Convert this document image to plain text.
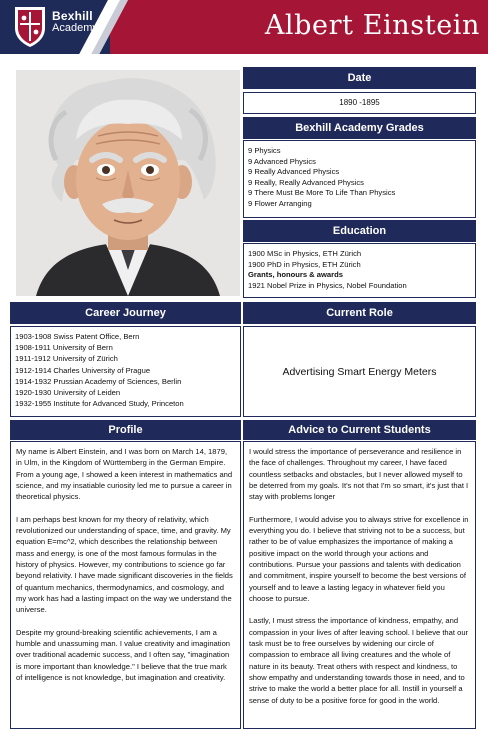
Bexhill
Academy	Albert Einstein
Date
1890 -1895
Bexhill Academy Grades
9 Physics
9 Advanced Physics
9 Really Advanced Physics
9 Really, Really Advanced Physics
9 There Must Be More To Life Than Physics
9 Flower Arranging
Education
1900 MSc in Physics, ETH Zürich
1900 PhD in Physics, ETH Zürich
Grants, honours & awards
1921 Nobel Prize in Physics, Nobel Foundation
Career Journey
1903-1908 Swiss Patent Office, Bern
1908-1911 University of Bern
1911-1912 University of Zürich
1912-1914 Charles University of Prague
1914-1932 Prussian Academy of Sciences, Berlin
1920-1930 University of Leiden
1932-1955 Institute for Advanced Study, Princeton
Current Role
Advertising Smart Energy Meters
Profile

My name is Albert Einstein, and I was born on March 14, 1879, in Ulm, in the Kingdom of Württemberg in the German Empire. From a young age, I showed a keen interest in mathematics and science, and my insatiable curiosity led me to pursue a career in theoretical physics.

I am perhaps best known for my theory of relativity, which revolutionized our understanding of space, time, and gravity. My equation E=mc^2, which describes the relationship between mass and energy, is one of the most famous formulas in the history of physics. However, my contributions to science go far beyond relativity. I have made significant discoveries in the fields of quantum mechanics, thermodynamics, and cosmology, and my work has had a lasting impact on the way we understand the universe.

Despite my ground-breaking scientific achievements, I am a humble and unassuming man. I value creativity and imagination over traditional academic success, and I often say, "imagination is more important than knowledge." I believe that the true mark of intelligence is not knowledge, but imagination and creativity.

Advice to Current Students

I would stress the importance of perseverance and resilience in the face of challenges. Throughout my career, I have faced countless setbacks and obstacles, but I never allowed myself to be deterred from my goals. It's not that I'm so smart, it's just that I stay with problems longer

Furthermore, I would advise you to always strive for excellence in everything you do. I believe that striving not to be a success, but rather to be of value emphasizes the importance of making a positive impact on the world through your actions and contributions. Pursue your passions and talents with dedication and commitment, inspire yourself to become the best versions of yourself and to leave a lasting legacy in whatever field you choose to pursue.

Lastly, I must stress the importance of kindness, empathy, and compassion in your lives of after leaving school. I believe that our task must be to free ourselves by widening our circle of compassion to embrace all living creatures and the whole of nature in its beauty. Treat others with respect and kindness, to show empathy and understanding towards those in need, and to strive to make the world a better place for all. Instill in yourself a sense of duty to be a positive force for good in the world.
